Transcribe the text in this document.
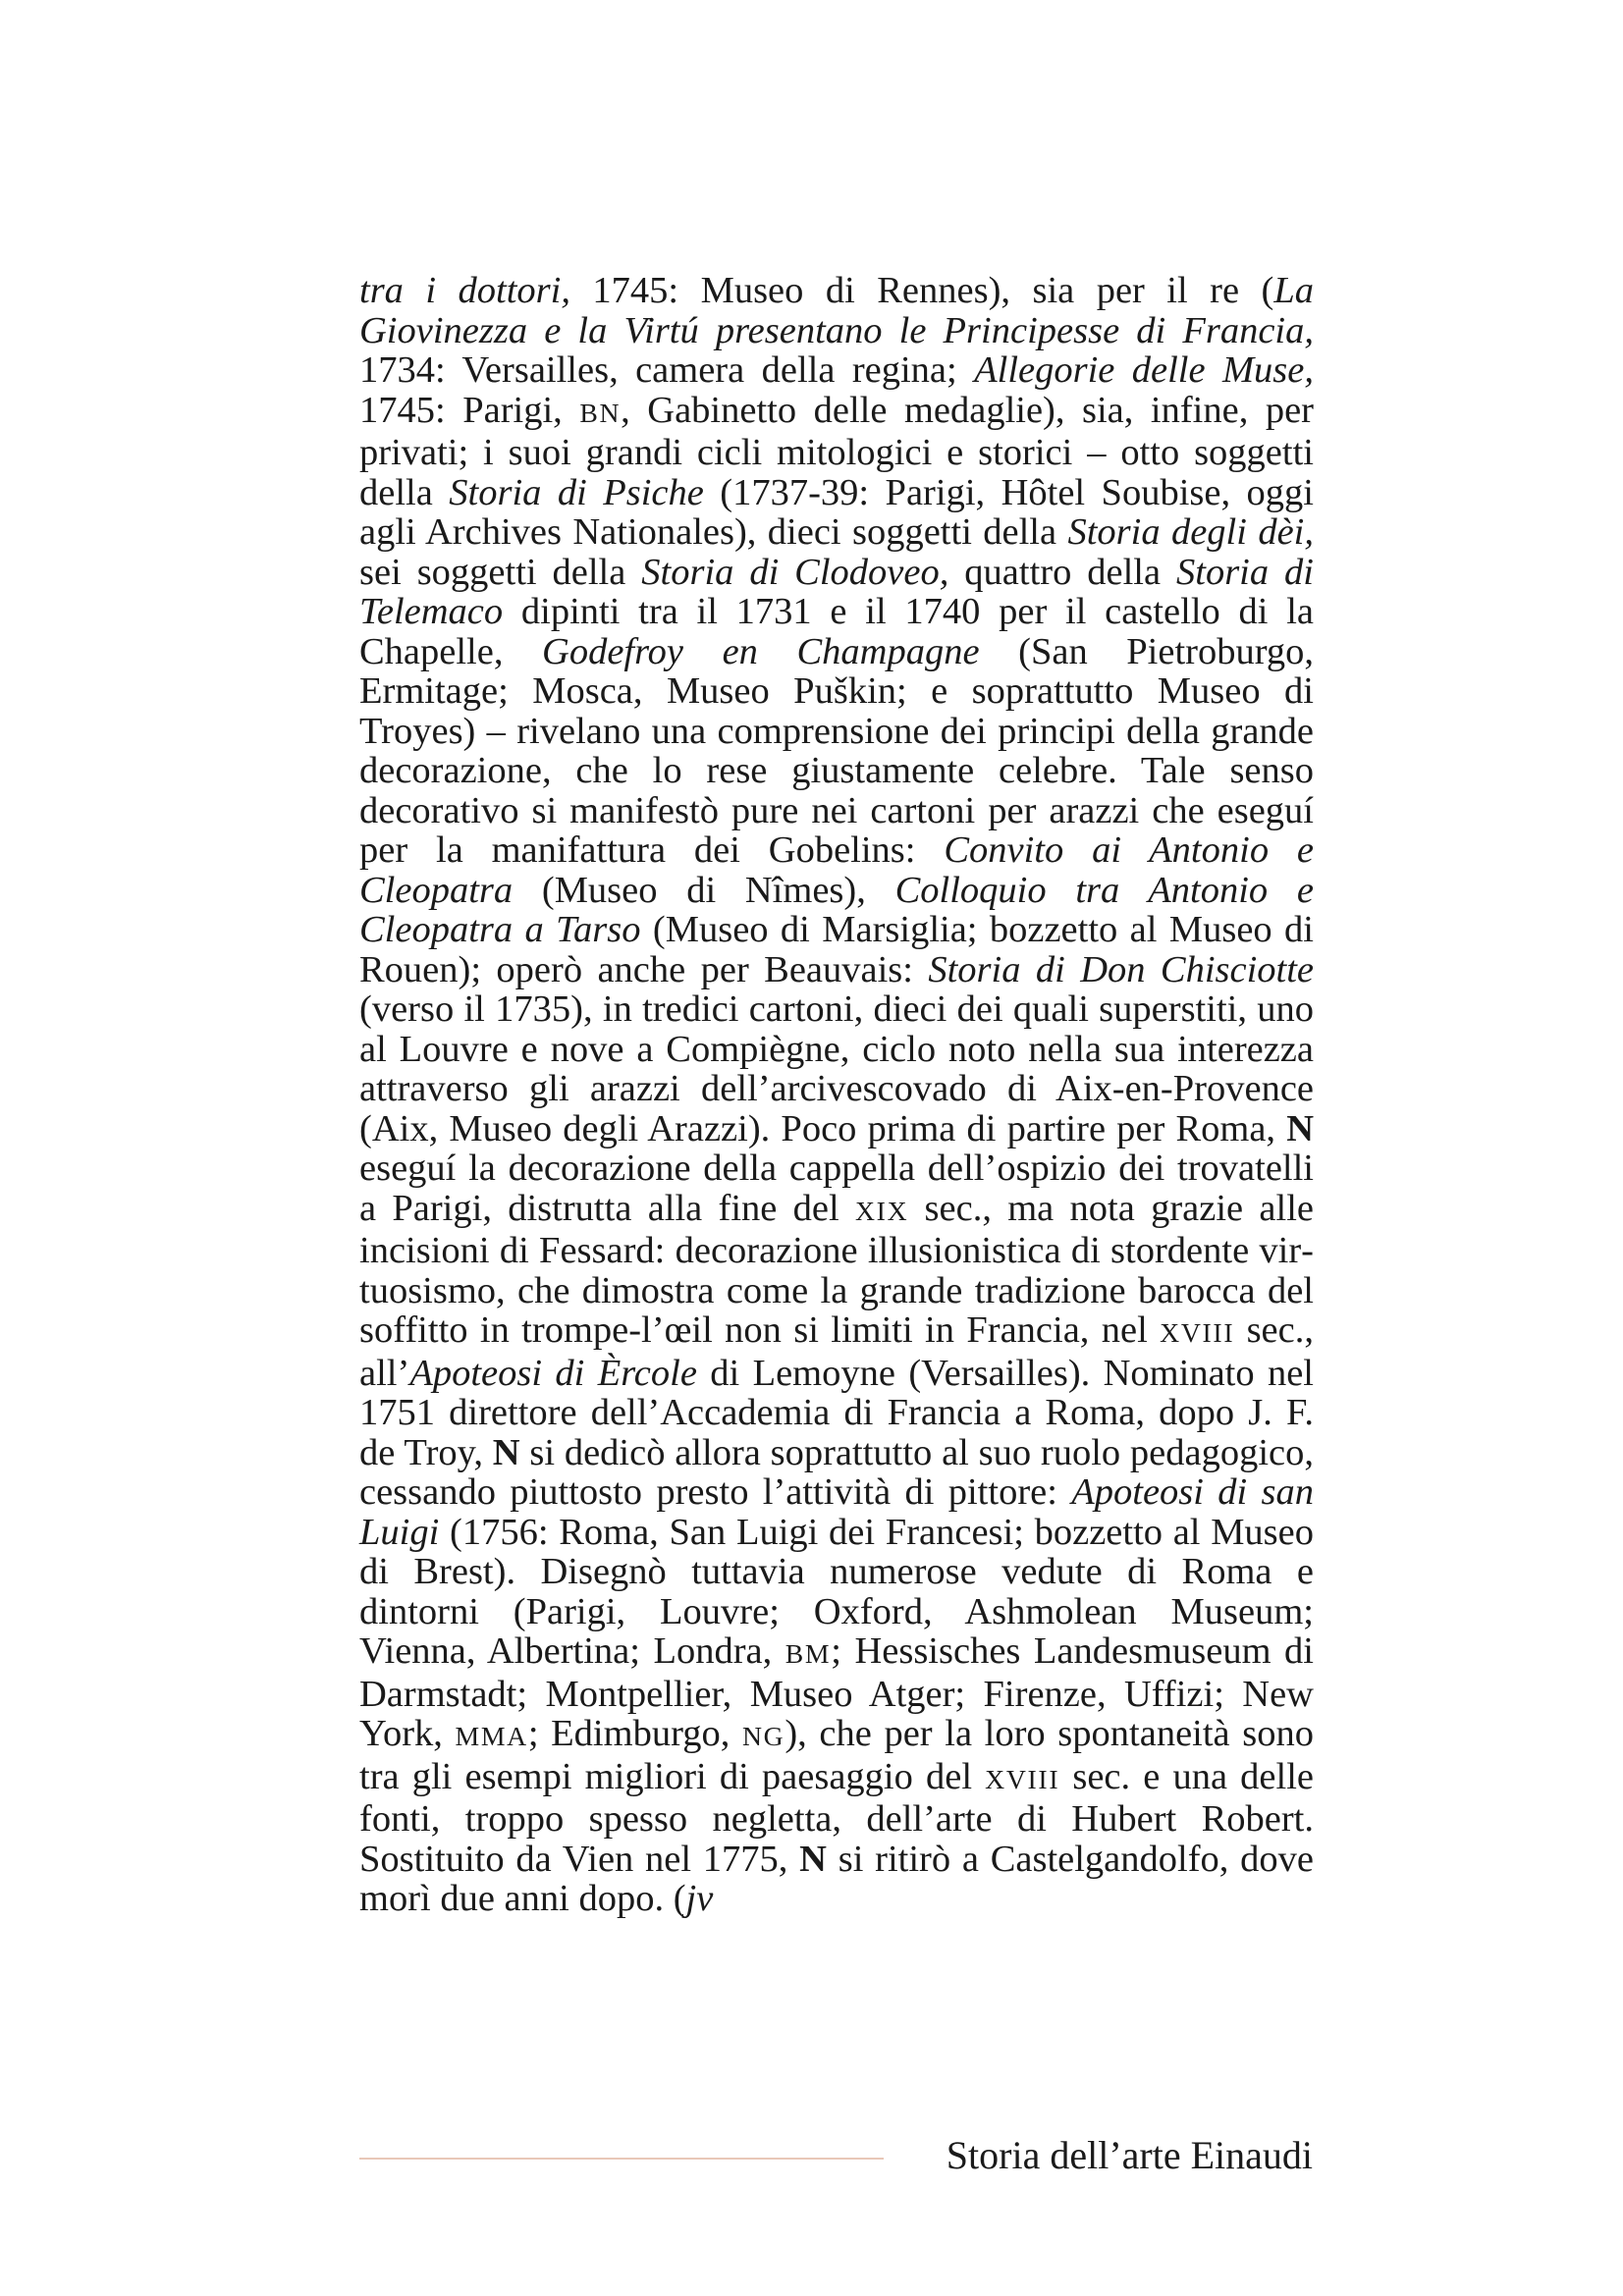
tra i dottori, 1745: Museo di Rennes), sia per il re (La Giovinezza e la Virtú presentano le Principesse di Francia, 1734: Versailles, camera della regina; Allegorie delle Muse, 1745: Parigi, BN, Gabinetto delle medaglie), sia, infine, per privati; i suoi grandi cicli mitologici e storici – otto soggetti della Storia di Psiche (1737-39: Parigi, Hôtel Soubise, oggi agli Archives Nationales), dieci soggetti della Storia degli dèi, sei soggetti della Storia di Clodoveo, quattro della Storia di Telemaco dipinti tra il 1731 e il 1740 per il castello di la Chapelle, Godefroy en Champagne (San Pietroburgo, Ermitage; Mosca, Museo Puškin; e soprattutto Museo di Troyes) – rivelano una comprensione dei principi della grande decorazione, che lo rese giustamente celebre. Tale senso decorativo si manifestò pure nei cartoni per arazzi che eseguí per la manifattura dei Gobelins: Convito ai Antonio e Cleopatra (Museo di Nîmes), Colloquio tra Antonio e Cleopatra a Tarso (Museo di Marsiglia; bozzetto al Museo di Rouen); operò anche per Beauvais: Storia di Don Chisciotte (verso il 1735), in tredici cartoni, dieci dei quali superstiti, uno al Louvre e nove a Compiègne, ciclo noto nella sua interezza attraverso gli arazzi dell’arcivescovado di Aix-en-Provence (Aix, Museo degli Arazzi). Poco prima di partire per Roma, N eseguí la decorazione della cappella dell’ospizio dei trovatelli a Parigi, distrutta alla fine del XIX sec., ma nota grazie alle incisioni di Fessard: decorazione illusionistica di stordente virtuosismo, che dimostra come la grande tradizione barocca del soffitto in trompe-l’œil non si limiti in Francia, nel XVIII sec., all’Apoteosi di Èrcole di Lemoyne (Versailles). Nominato nel 1751 direttore dell’Accademia di Francia a Roma, dopo J. F. de Troy, N si dedicò allora soprattutto al suo ruolo pedagogico, cessando piuttosto presto l’attività di pittore: Apoteosi di san Luigi (1756: Roma, San Luigi dei Francesi; bozzetto al Museo di Brest). Disegnò tuttavia numerose vedute di Roma e dintorni (Parigi, Louvre; Oxford, Ashmolean Museum; Vienna, Albertina; Londra, BM; Hessisches Landesmuseum di Darmstadt; Montpellier, Museo Atger; Firenze, Uffizi; New York, MMA; Edimburgo, NG), che per la loro spontaneità sono tra gli esempi migliori di paesaggio del XVIII sec. e una delle fonti, troppo spesso negletta, dell’arte di Hubert Robert. Sostituito da Vien nel 1775, N si ritirò a Castelgandolfo, dove morì due anni dopo. (jv

Storia dell’arte Einaudi
